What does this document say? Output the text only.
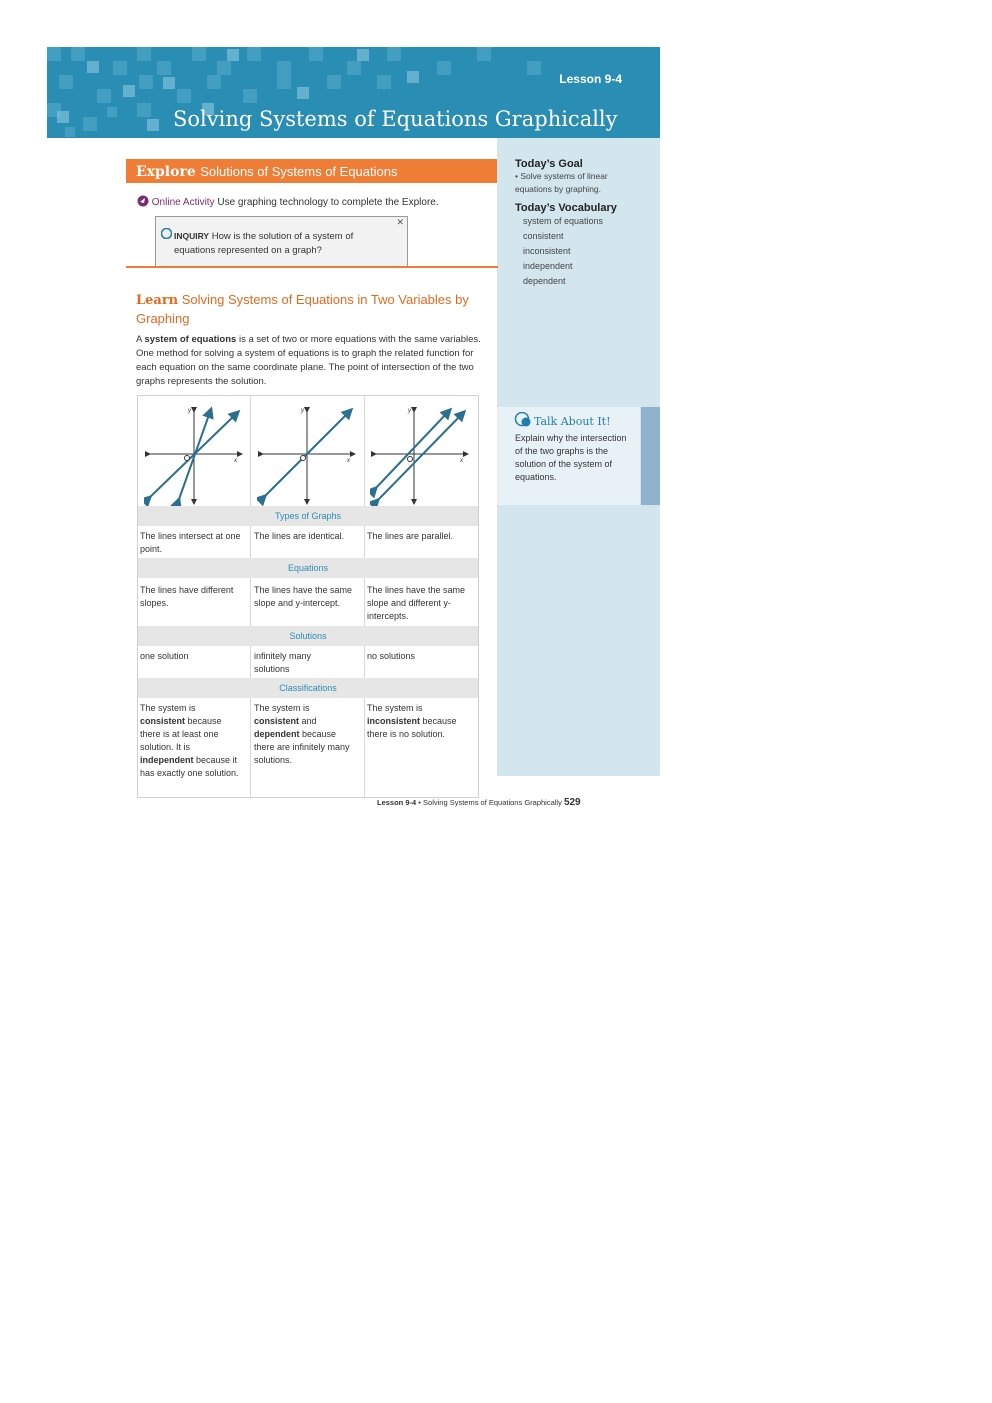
Lesson 9-4
Solving Systems of Equations Graphically
Today’s Goal
• Solve systems of linear equations by graphing.
Today’s Vocabulary
system of equations
consistent
inconsistent
independent
dependent
Talk About It!
Explain why the intersection of the two graphs is the solution of the system of equations.
Explore Solutions of Systems of Equations
Online Activity Use graphing technology to complete the Explore.
✕
INQUIRY How is the solution of a system of equations represented on a graph?
Learn Solving Systems of Equations in Two Variables by Graphing
A system of equations is a set of two or more equations with the same variables. One method for solving a system of equations is to graph the related function for each equation on the same coordinate plane. The point of intersection of the two graphs represents the solution.
y
x
y
x
y
x
Types of Graphs
The lines intersect at one point.
The lines are identical.	The lines are parallel.
Equations
The lines have different slopes.
The lines have the same slope and y-intercept.
The lines have the same slope and different y-intercepts.
Solutions
one solution	infinitely many solutions
no solutions
Classifications
The system is
consistent because there is at least one solution. It is independent because it has exactly one solution.
The system is
consistent and dependent because there are infinitely many solutions.
The system is
inconsistent because there is no solution.
Lesson 9-4 • Solving Systems of Equations Graphically 529
